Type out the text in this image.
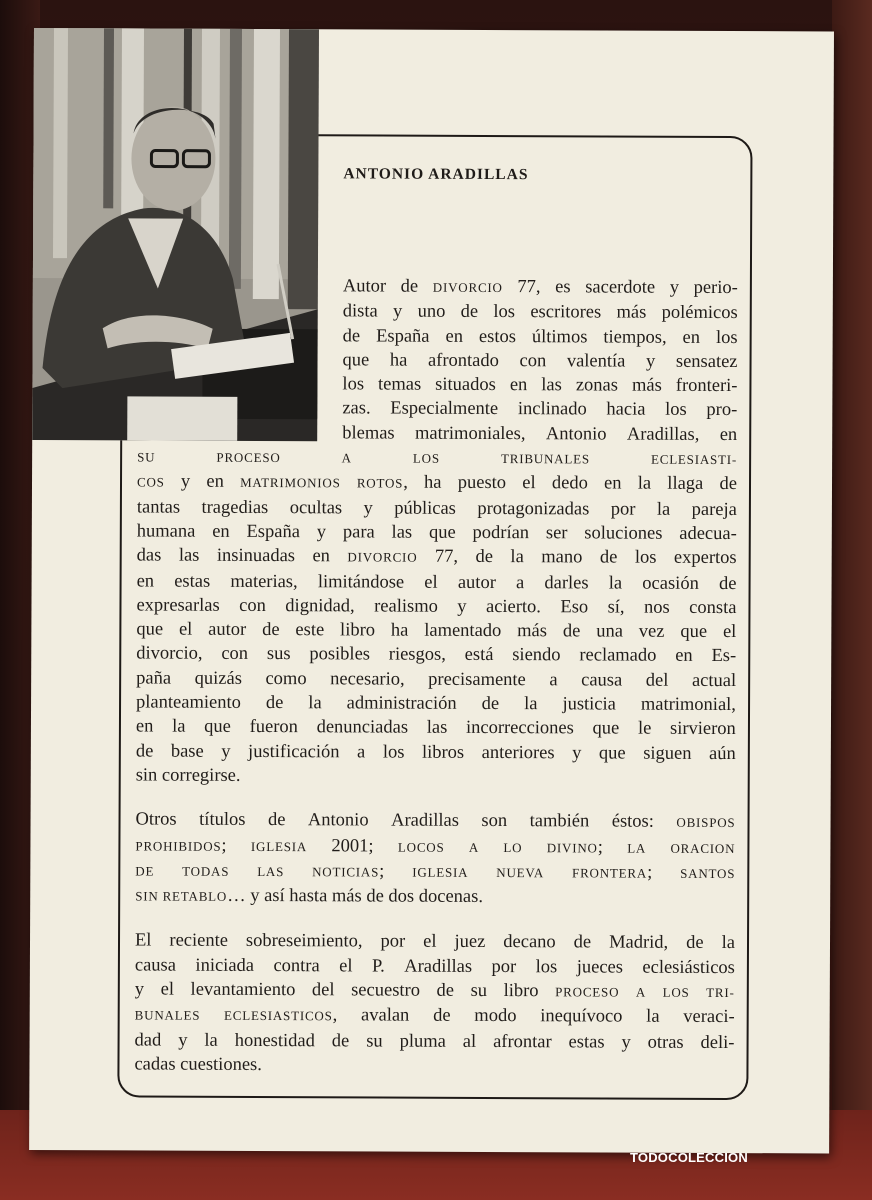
ANTONIO ARADILLAS
Autor de DIVORCIO 77, es sacerdote y perio-
dista y uno de los escritores más polémicos
de España en estos últimos tiempos, en los
que ha afrontado con valentía y sensatez
los temas situados en las zonas más fronteri-
zas. Especialmente inclinado hacia los pro-
blemas matrimoniales, Antonio Aradillas, en
SU	PROCESO	A	LOS	TRIBUNALES	ECLESIASTI-
COS y en MATRIMONIOS ROTOS, ha puesto el dedo en la llaga de
tantas tragedias ocultas y públicas protagonizadas por la pareja
humana en España y para las que podrían ser soluciones adecua-
das las insinuadas en DIVORCIO 77, de la mano de los expertos
en estas materias, limitándose el autor a darles la ocasión de
expresarlas con dignidad, realismo y acierto. Eso sí, nos consta
que el autor de este libro ha lamentado más de una vez que el
divorcio, con sus posibles riesgos, está siendo reclamado en Es-
paña quizás como necesario, precisamente a causa del actual
planteamiento de la administración de la justicia matrimonial,
en la que fueron denunciadas las incorrecciones que le sirvieron
de base y justificación a los libros anteriores y que siguen aún
sin corregirse.
Otros títulos de Antonio Aradillas son también éstos: OBISPOS
PROHIBIDOS; IGLESIA 2001; LOCOS A LO DIVINO; LA ORACION
DE TODAS LAS NOTICIAS; IGLESIA NUEVA FRONTERA; SANTOS
SIN RETABLO… y así hasta más de dos docenas.
El reciente sobreseimiento, por el juez decano de Madrid, de la
causa iniciada contra el P. Aradillas por los jueces eclesiásticos
y el levantamiento del secuestro de su libro PROCESO A LOS TRI-
BUNALES ECLESIASTICOS, avalan de modo inequívoco la veraci-
dad y la honestidad de su pluma al afrontar estas y otras deli-
cadas cuestiones.
TODOCOLECCION
